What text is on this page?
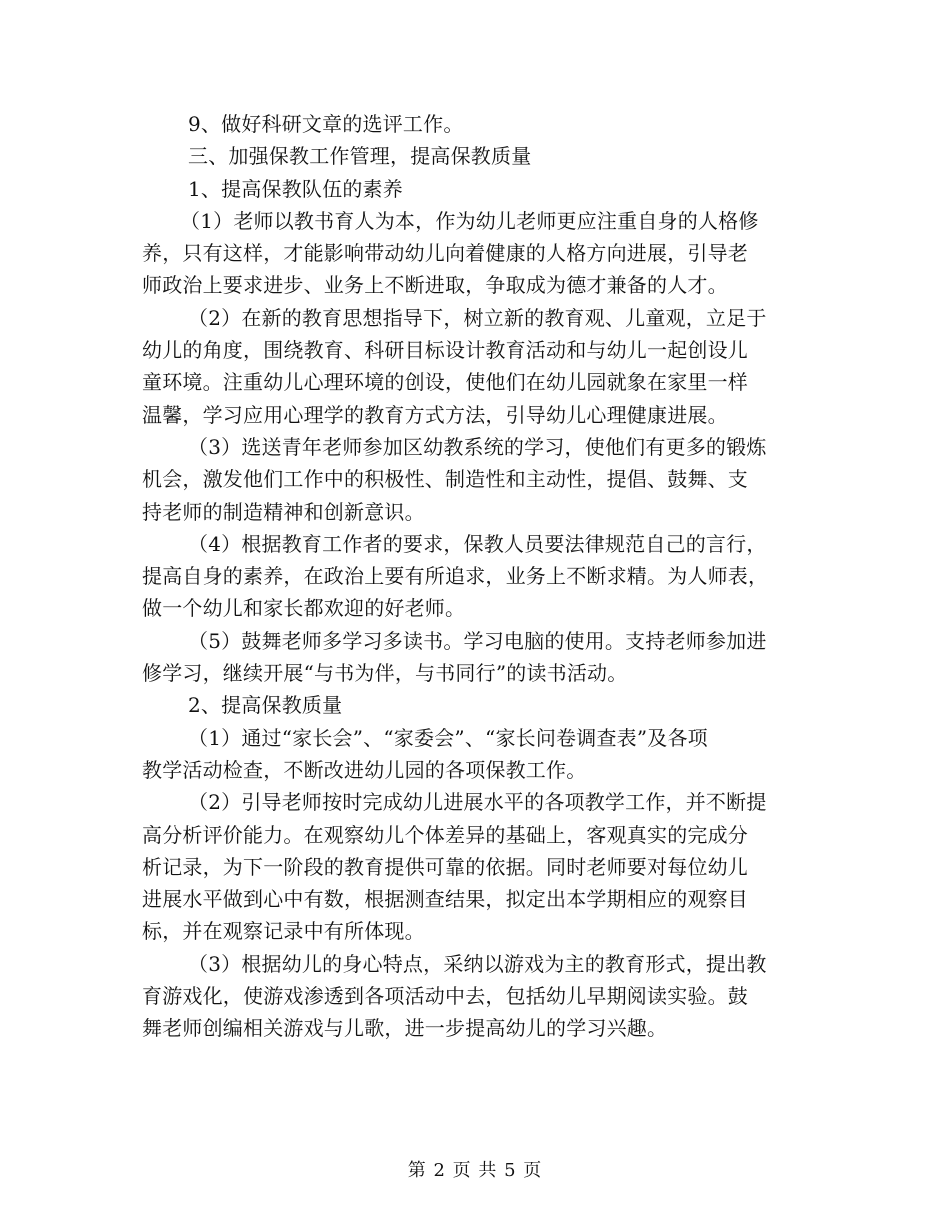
9、做好科研文章的选评工作。
三、加强保教工作管理，提高保教质量
1、提高保教队伍的素养
（1）老师以教书育人为本，作为幼儿老师更应注重自身的人格修
养，只有这样，才能影响带动幼儿向着健康的人格方向进展，引导老
师政治上要求进步、业务上不断进取，争取成为德才兼备的人才。
（2）在新的教育思想指导下，树立新的教育观、儿童观，立足于
幼儿的角度，围绕教育、科研目标设计教育活动和与幼儿一起创设儿
童环境。注重幼儿心理环境的创设，使他们在幼儿园就象在家里一样
温馨，学习应用心理学的教育方式方法，引导幼儿心理健康进展。
（3）选送青年老师参加区幼教系统的学习，使他们有更多的锻炼
机会，激发他们工作中的积极性、制造性和主动性，提倡、鼓舞、支
持老师的制造精神和创新意识。
（4）根据教育工作者的要求，保教人员要法律规范自己的言行，
提高自身的素养，在政治上要有所追求，业务上不断求精。为人师表，
做一个幼儿和家长都欢迎的好老师。
（5）鼓舞老师多学习多读书。学习电脑的使用。支持老师参加进
修学习，继续开展“与书为伴，与书同行”的读书活动。
2、提高保教质量
（1）通过“家长会”、“家委会”、“家长问卷调查表”及各项
教学活动检查，不断改进幼儿园的各项保教工作。
（2）引导老师按时完成幼儿进展水平的各项教学工作，并不断提
高分析评价能力。在观察幼儿个体差异的基础上，客观真实的完成分
析记录，为下一阶段的教育提供可靠的依据。同时老师要对每位幼儿
进展水平做到心中有数，根据测查结果，拟定出本学期相应的观察目
标，并在观察记录中有所体现。
（3）根据幼儿的身心特点，采纳以游戏为主的教育形式，提出教
育游戏化，使游戏渗透到各项活动中去，包括幼儿早期阅读实验。鼓
舞老师创编相关游戏与儿歌，进一步提高幼儿的学习兴趣。
第 2 页 共 5 页
